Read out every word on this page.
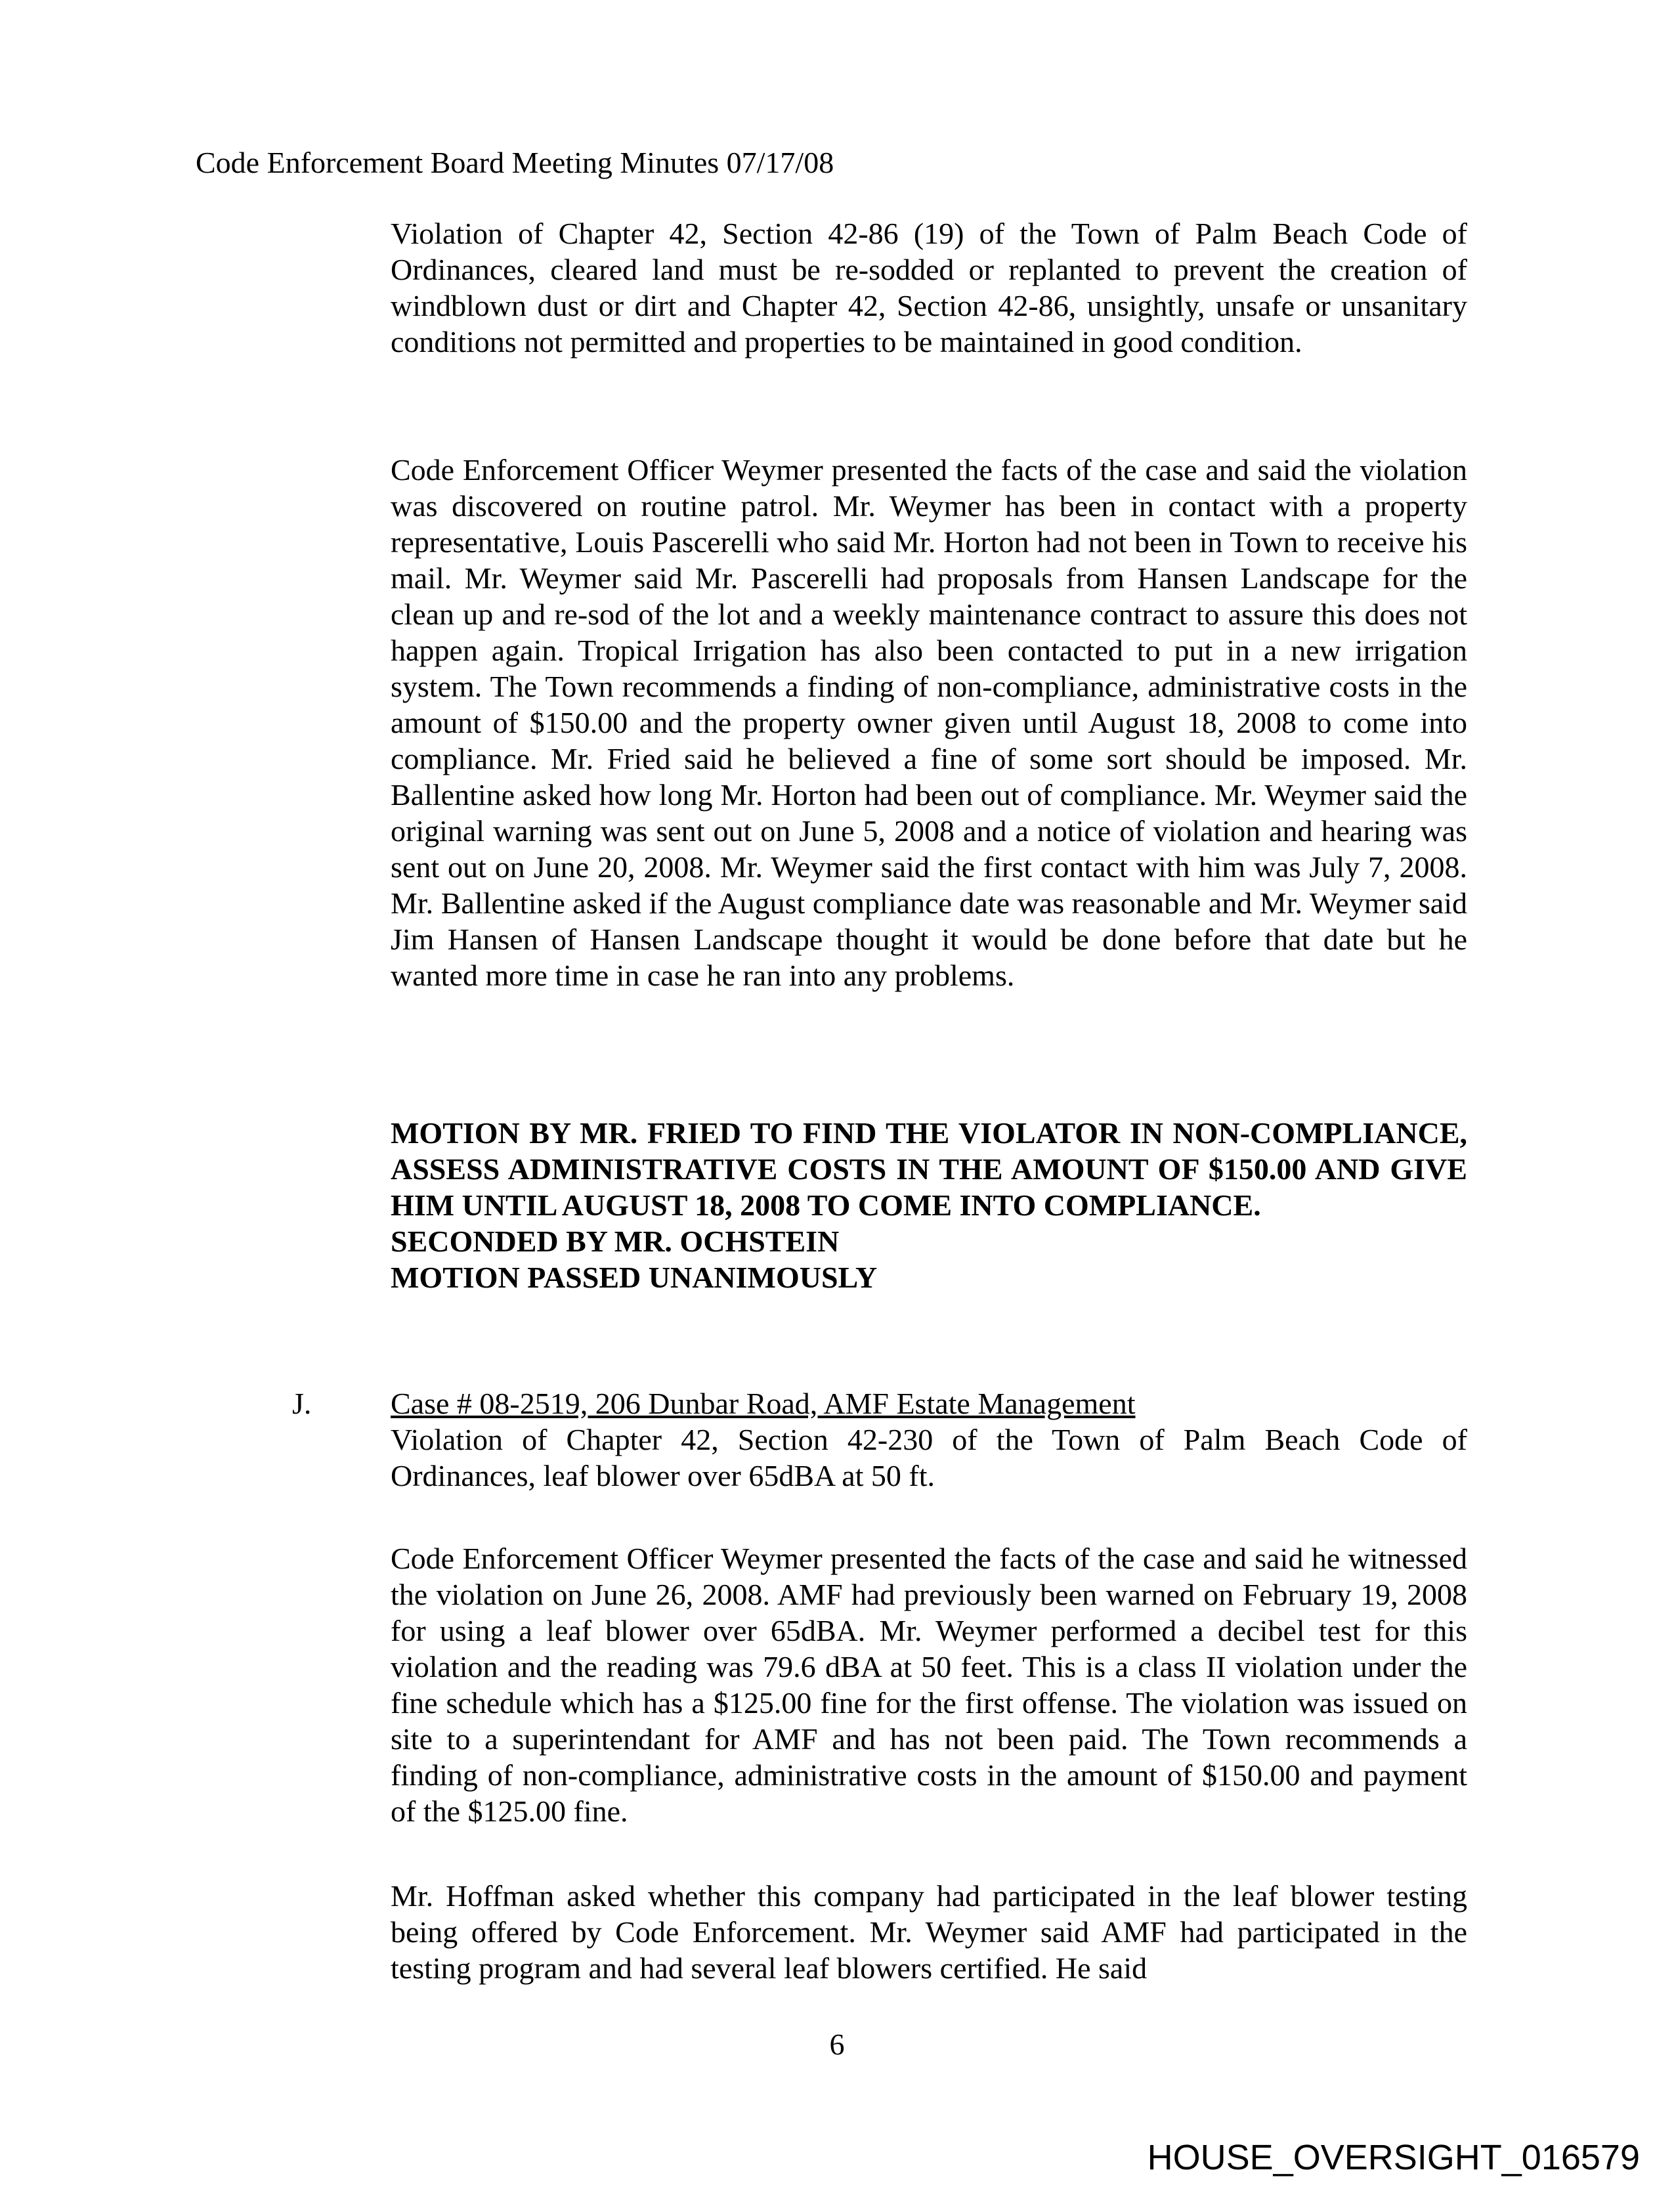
Code Enforcement Board Meeting Minutes 07/17/08
Violation of Chapter 42, Section 42-86 (19) of the Town of Palm Beach Code of Ordinances, cleared land must be re-sodded or replanted to prevent the creation of windblown dust or dirt and Chapter 42, Section 42-86, unsightly, unsafe or unsanitary conditions not permitted and properties to be maintained in good condition.
Code Enforcement Officer Weymer presented the facts of the case and said the violation was discovered on routine patrol. Mr. Weymer has been in contact with a property representative, Louis Pascerelli who said Mr. Horton had not been in Town to receive his mail. Mr. Weymer said Mr. Pascerelli had proposals from Hansen Landscape for the clean up and re-sod of the lot and a weekly maintenance contract to assure this does not happen again. Tropical Irrigation has also been contacted to put in a new irrigation system. The Town recommends a finding of non-compliance, administrative costs in the amount of $150.00 and the property owner given until August 18, 2008 to come into compliance. Mr. Fried said he believed a fine of some sort should be imposed. Mr. Ballentine asked how long Mr. Horton had been out of compliance. Mr. Weymer said the original warning was sent out on June 5, 2008 and a notice of violation and hearing was sent out on June 20, 2008. Mr. Weymer said the first contact with him was July 7, 2008. Mr. Ballentine asked if the August compliance date was reasonable and Mr. Weymer said Jim Hansen of Hansen Landscape thought it would be done before that date but he wanted more time in case he ran into any problems.
MOTION BY MR. FRIED TO FIND THE VIOLATOR IN NON-COMPLIANCE, ASSESS ADMINISTRATIVE COSTS IN THE AMOUNT OF $150.00 AND GIVE HIM UNTIL AUGUST 18, 2008 TO COME INTO COMPLIANCE.
SECONDED BY MR. OCHSTEIN
MOTION PASSED UNANIMOUSLY
J.	Case # 08-2519, 206 Dunbar Road, AMF Estate Management
Violation of Chapter 42, Section 42-230 of the Town of Palm Beach Code of Ordinances, leaf blower over 65dBA at 50 ft.
Code Enforcement Officer Weymer presented the facts of the case and said he witnessed the violation on June 26, 2008. AMF had previously been warned on February 19, 2008 for using a leaf blower over 65dBA. Mr. Weymer performed a decibel test for this violation and the reading was 79.6 dBA at 50 feet. This is a class II violation under the fine schedule which has a $125.00 fine for the first offense. The violation was issued on site to a superintendant for AMF and has not been paid. The Town recommends a finding of non-compliance, administrative costs in the amount of $150.00 and payment of the $125.00 fine.
Mr. Hoffman asked whether this company had participated in the leaf blower testing being offered by Code Enforcement. Mr. Weymer said AMF had participated in the testing program and had several leaf blowers certified. He said
6
HOUSE_OVERSIGHT_016579
